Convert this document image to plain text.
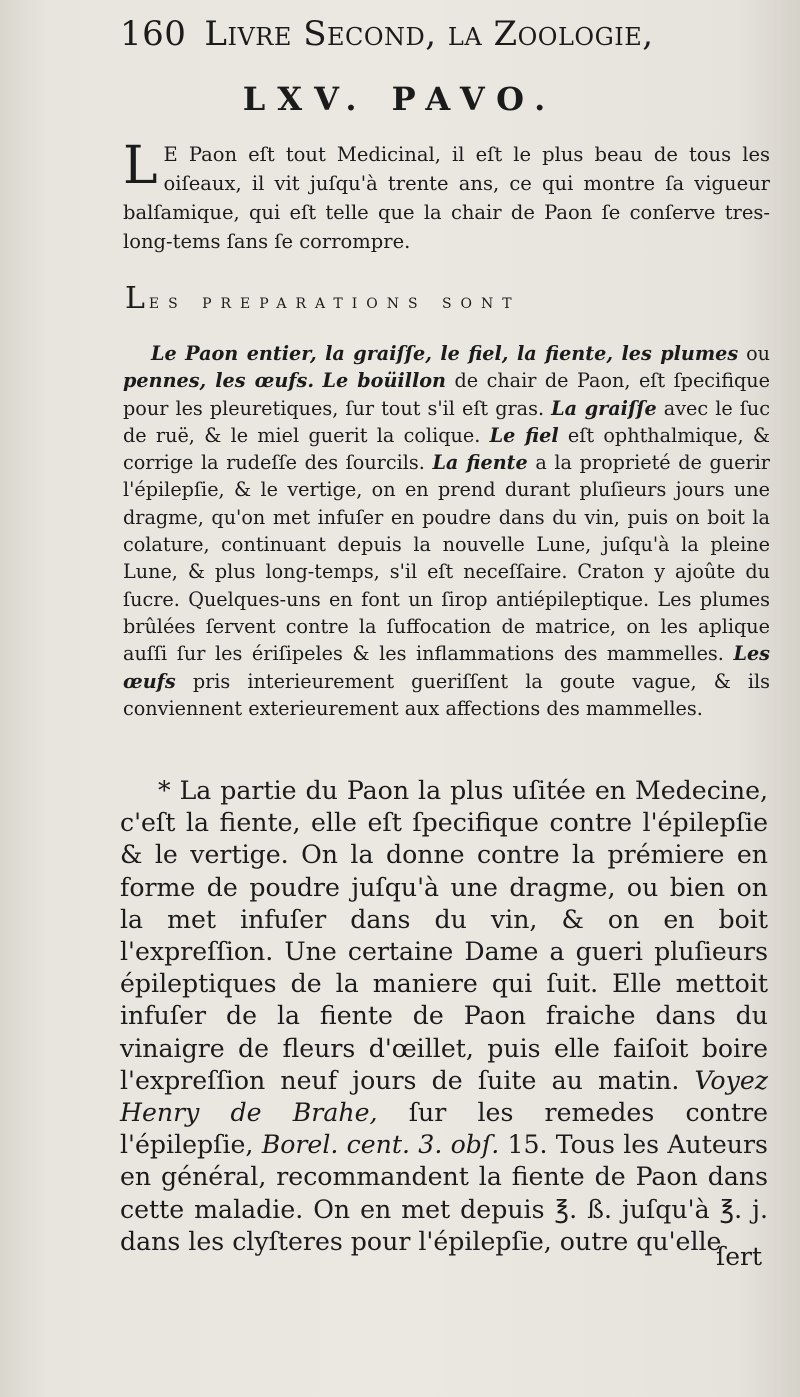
160 Livre Second, la Zoologie,
LXV. PAVO.
L E Paon eſt tout Medicinal, il eſt le plus beau de tous les oiſeaux, il vit juſqu'à trente ans, ce qui montre ſa vigueur balſamique, qui eſt telle que la chair de Paon ſe conſerve tres-long-tems ſans ſe corrompre.
Les preparations sont
Le Paon entier, la graiſſe, le fiel, la fiente, les plumes ou pennes, les œufs. Le boüillon de chair de Paon, eſt ſpecifique pour les pleuretiques, ſur tout s'il eſt gras. La graiſſe avec le ſuc de ruë, & le miel guerit la colique. Le fiel eſt ophthalmique, & corrige la rudeſſe des ſourcils. La fiente a la proprieté de guerir l'épilepſie, & le vertige, on en prend durant pluſieurs jours une dragme, qu'on met infuſer en poudre dans du vin, puis on boit la colature, continuant depuis la nouvelle Lune, juſqu'à la pleine Lune, & plus long-temps, s'il eſt neceſſaire. Craton y ajoûte du ſucre. Quelques-uns en font un ſirop antiépileptique. Les plumes brûlées ſervent contre la ſuffocation de matrice, on les aplique auſſi ſur les ériſipeles & les inflammations des mammelles. Les œufs pris interieurement gueriſſent la goute vague, & ils conviennent exterieurement aux affections des mammelles.
* La partie du Paon la plus uſitée en Medecine, c'eſt la fiente, elle eſt ſpecifique contre l'épilepſie & le vertige. On la donne contre la prémiere en forme de poudre juſqu'à une dragme, ou bien on la met infuſer dans du vin, & on en boit l'expreſſion. Une certaine Dame a gueri pluſieurs épileptiques de la maniere qui ſuit. Elle mettoit infuſer de la fiente de Paon fraiche dans du vinaigre de fleurs d'œillet, puis elle faiſoit boire l'expreſſion neuf jours de ſuite au matin. Voyez Henry de Brahe, ſur les remedes contre l'épilepſie, Borel. cent. 3. obſ. 15. Tous les Auteurs en général, recommandent la fiente de Paon dans cette maladie. On en met depuis ℥. ß. juſqu'à ℥. j. dans les clyſteres pour l'épilepſie, outre qu'elle
ſert
